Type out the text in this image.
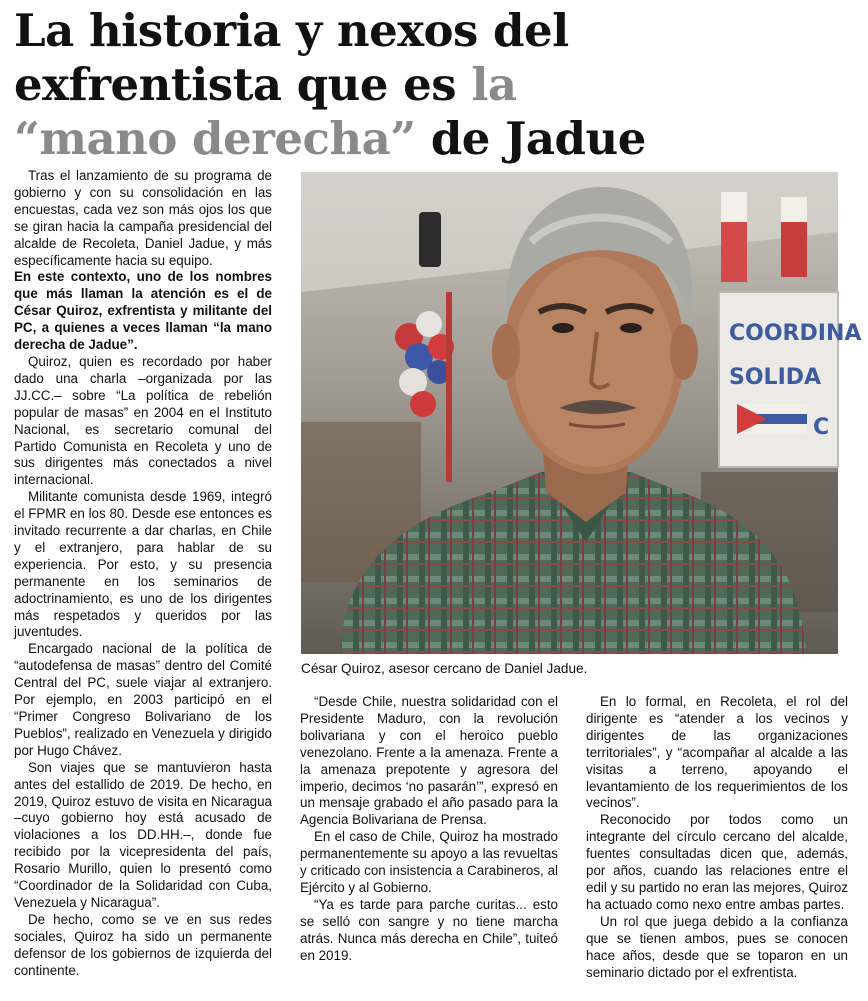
La historia y nexos del
exfrentista que es la
“mano derecha” de Jadue

Tras el lanzamiento de su programa de gobierno y con su consolidación en las encuestas, cada vez son más ojos los que se giran hacia la campaña presidencial del alcalde de Recoleta, Daniel Jadue, y más específicamente hacia su equipo.

En este contexto, uno de los nombres que más llaman la atención es el de César Quiroz, exfrentista y militante del PC, a quienes a veces llaman “la mano derecha de Jadue”.

Quiroz, quien es recordado por haber dado una charla –organizada por las JJ.CC.– sobre “La política de rebelión popular de masas” en 2004 en el Instituto Nacional, es secretario comunal del Partido Comunista en Recoleta y uno de sus dirigentes más conectados a nivel internacional.

Militante comunista desde 1969, integró el FPMR en los 80. Desde ese entonces es invitado recurrente a dar charlas, en Chile y el extranjero, para hablar de su experiencia. Por esto, y su presencia permanente en los seminarios de adoctrinamiento, es uno de los dirigentes más respetados y queridos por las juventudes.

Encargado nacional de la política de “autodefensa de masas” dentro del Comité Central del PC, suele viajar al extranjero. Por ejemplo, en 2003 participó en el “Primer Congreso Bolivariano de los Pueblos”, realizado en Venezuela y dirigido por Hugo Chávez.

Son viajes que se mantuvieron hasta antes del estallido de 2019. De hecho, en 2019, Quiroz estuvo de visita en Nicaragua –cuyo gobierno hoy está acusado de violaciones a los DD.HH.–, donde fue recibido por la vicepresidenta del país, Rosario Murillo, quien lo presentó como “Coordinador de la Solidaridad con Cuba, Venezuela y Nicaragua”.

De hecho, como se ve en sus redes sociales, Quiroz ha sido un permanente defensor de los gobiernos de izquierda del continente.

COORDINA
SOLIDA
C
César Quiroz, asesor cercano de Daniel Jadue.

“Desde Chile, nuestra solidaridad con el Presidente Maduro, con la revolución bolivariana y con el heroico pueblo venezolano. Frente a la amenaza. Frente a la amenaza prepotente y agresora del imperio, decimos ‘no pasarán’”, expresó en un mensaje grabado el año pasado para la Agencia Bolivariana de Prensa.

En el caso de Chile, Quiroz ha mostrado permanentemente su apoyo a las revueltas y criticado con insistencia a Carabineros, al Ejército y al Gobierno.

“Ya es tarde para parche curitas... esto se selló con sangre y no tiene marcha atrás. Nunca más derecha en Chile”, tuiteó en 2019.

En lo formal, en Recoleta, el rol del dirigente es “atender a los vecinos y dirigentes de las organizaciones territoriales”, y “acompañar al alcalde a las visitas a terreno, apoyando el levantamiento de los requerimientos de los vecinos”.

Reconocido por todos como un integrante del círculo cercano del alcalde, fuentes consultadas dicen que, además, por años, cuando las relaciones entre el edil y su partido no eran las mejores, Quiroz ha actuado como nexo entre ambas partes.

Un rol que juega debido a la confianza que se tienen ambos, pues se conocen hace años, desde que se toparon en un seminario dictado por el exfrentista.
